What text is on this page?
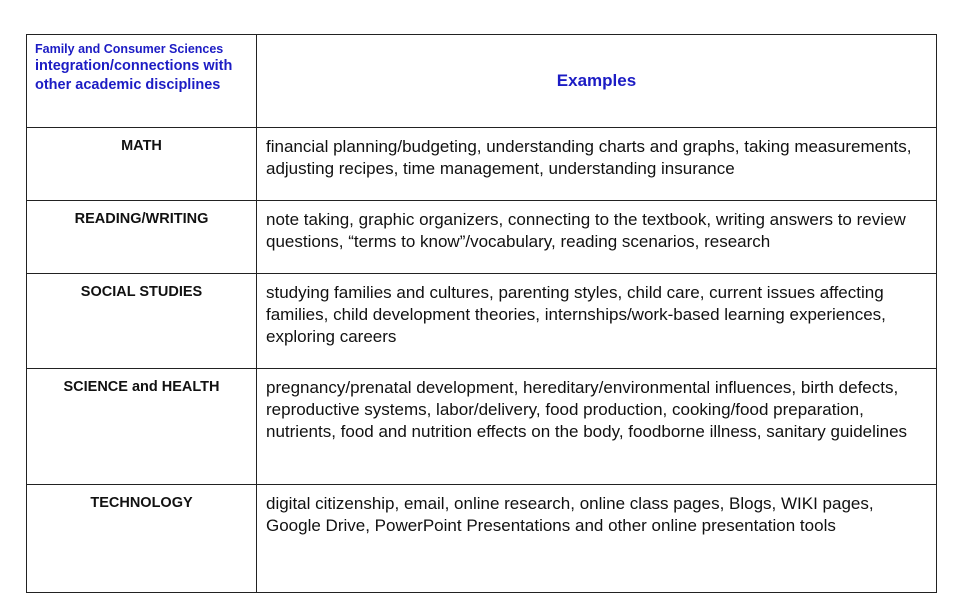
Family and Consumer Sciences
integration/connections with other academic disciplines	Examples
MATH	financial planning/budgeting, understanding charts and graphs, taking measurements, adjusting recipes, time management, understanding insurance
READING/WRITING	note taking, graphic organizers, connecting to the textbook, writing answers to review questions, “terms to know”/vocabulary, reading scenarios, research
SOCIAL STUDIES	studying families and cultures, parenting styles, child care, current issues affecting families, child development theories, internships/work-based learning experiences, exploring careers
SCIENCE and HEALTH	pregnancy/prenatal development, hereditary/environmental influences, birth defects, reproductive systems, labor/delivery, food production, cooking/food preparation, nutrients, food and nutrition effects on the body, foodborne illness, sanitary guidelines
TECHNOLOGY	digital citizenship, email, online research, online class pages, Blogs, WIKI pages, Google Drive, PowerPoint Presentations and other online presentation tools
